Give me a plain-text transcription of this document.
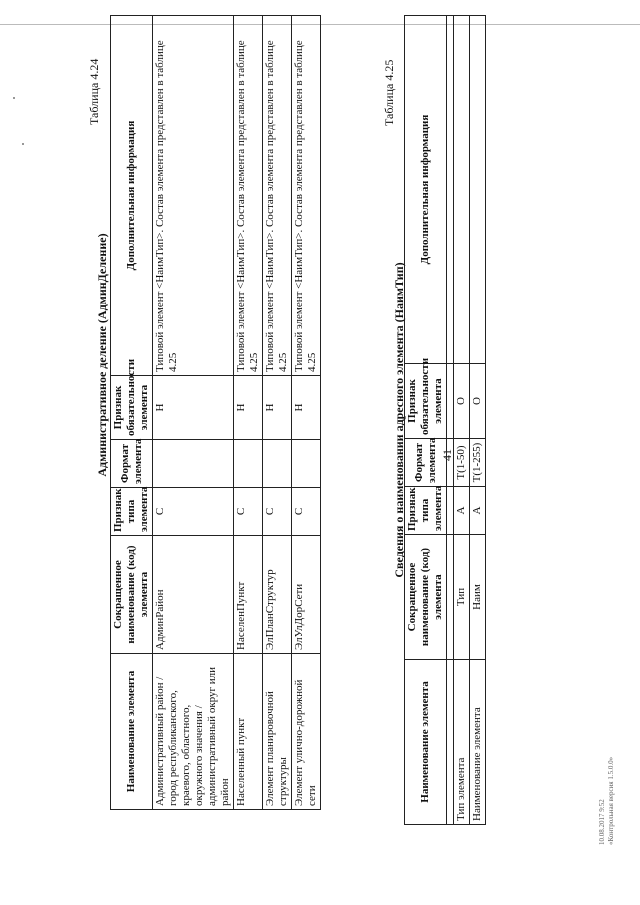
41
Таблица 4.24
Административное деление (АдминДеление)
Наименование элемента	Сокращенное наименование (код) элемента	Признак типа элемента	Формат элемента	Признак обязательности элемента	Дополнительная информация
Административный район / город республиканского, краевого, областного, окружного значения / административный округ или район	АдминРайон	С		Н	Типовой элемент <НаимТип>. Состав элемента представлен в таблице 4.25
Населенный пункт	НаселенПункт	С		Н	Типовой элемент <НаимТип>. Состав элемента представлен в таблице 4.25
Элемент планировочной структуры	ЭлПланСтруктур	С		Н	Типовой элемент <НаимТип>. Состав элемента представлен в таблице 4.25
Элемент улично-дорожной сети	ЭлУлДорСети	С		Н	Типовой элемент <НаимТип>. Состав элемента представлен в таблице 4.25
Таблица 4.25
Сведения о наименовании адресного элемента (НаимТип)
Наименование элемента	Сокращенное наименование (код) элемента	Признак типа элемента	Формат элемента	Признак обязательности элемента	Дополнительная информация

Тип элемента	Тип	А	T(1-50)	О	
Наименование элемента	Наим	А	T(1-255)	О	
10.08.2017 9:52 «Контрольная версия 1.5.0.0»
